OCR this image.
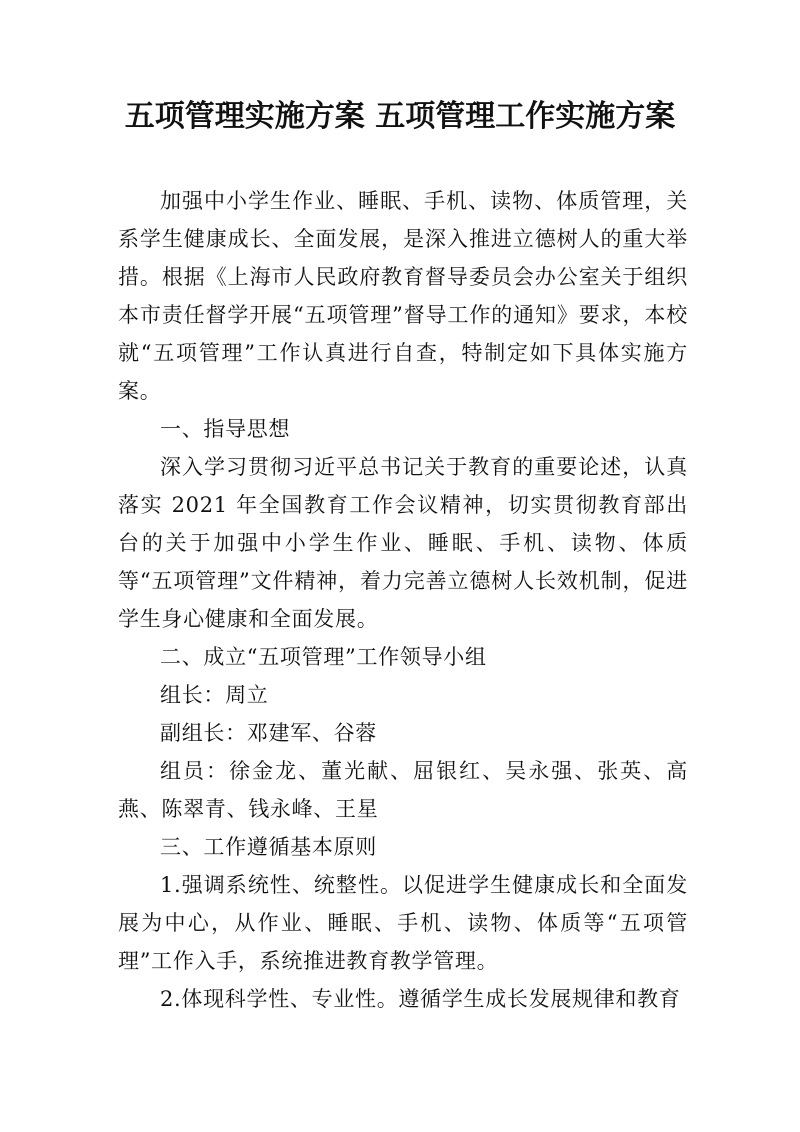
五项管理实施方案 五项管理工作实施方案

加强中小学生作业、睡眠、手机、读物、体质管理，关系学生健康成长、全面发展，是深入推进立德树人的重大举措。根据《上海市人民政府教育督导委员会办公室关于组织本市责任督学开展“五项管理”督导工作的通知》要求，本校就“五项管理”工作认真进行自查，特制定如下具体实施方案。

一、指导思想

深入学习贯彻习近平总书记关于教育的重要论述，认真落实 2021 年全国教育工作会议精神，切实贯彻教育部出台的关于加强中小学生作业、睡眠、手机、读物、体质等“五项管理”文件精神，着力完善立德树人长效机制，促进学生身心健康和全面发展。

二、成立“五项管理”工作领导小组

组长：周立

副组长：邓建军、谷蓉

组员：徐金龙、董光献、屈银红、吴永强、张英、高燕、陈翠青、钱永峰、王星

三、工作遵循基本原则

1.强调系统性、统整性。以促进学生健康成长和全面发展为中心，从作业、睡眠、手机、读物、体质等“五项管理”工作入手，系统推进教育教学管理。

2.体现科学性、专业性。遵循学生成长发展规律和教育
